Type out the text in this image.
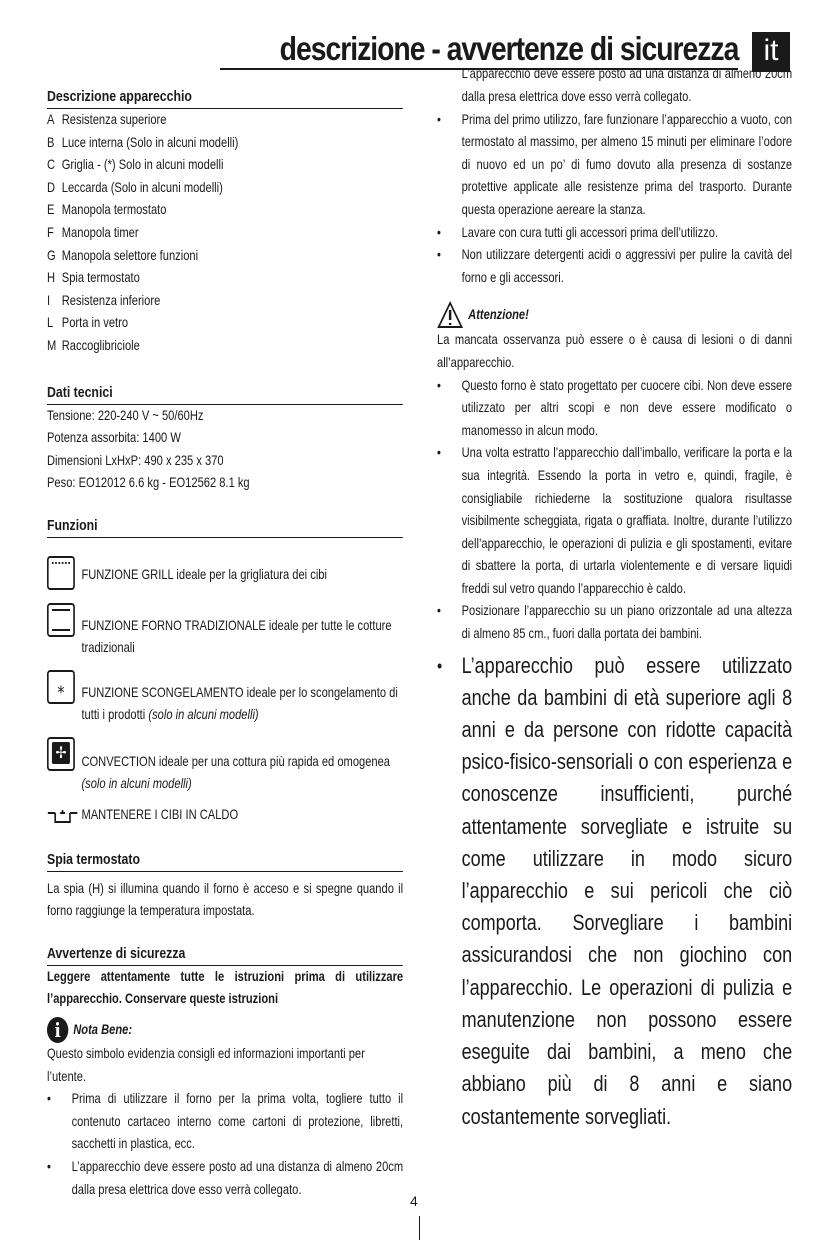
descrizione - avvertenze di sicurezza it
Descrizione apparecchio
A Resistenza superiore
B Luce interna (Solo in alcuni modelli)
C Griglia - (*) Solo in alcuni modelli
D Leccarda (Solo in alcuni modelli)
E Manopola termostato
F Manopola timer
G Manopola selettore funzioni
H Spia termostato
I Resistenza inferiore
L Porta in vetro
M Raccoglibriciole
Dati tecnici
Tensione: 220-240 V ~ 50/60Hz
Potenza assorbita: 1400 W
Dimensioni LxHxP: 490 x 235 x 370
Peso: EO12012 6.6 kg - EO12562 8.1 kg
Funzioni
FUNZIONE GRILL ideale per la grigliatura dei cibi
FUNZIONE FORNO TRADIZIONALE ideale per tutte le cotture tradizionali
⁎	FUNZIONE SCONGELAMENTO ideale per lo scongelamento di tutti i prodotti (solo in alcuni modelli)
✢ CONVECTION ideale per una cottura più rapida ed omogenea (solo in alcuni modelli)
MANTENERE I CIBI IN CALDO
Spia termostato
La spia (H) si illumina quando il forno è acceso e si spegne quando il forno raggiunge la temperatura impostata.
Avvertenze di sicurezza
Leggere attentamente tutte le istruzioni prima di utilizzare l’apparecchio. Conservare queste istruzioni
i Nota Bene:
Questo simbolo evidenzia consigli ed informazioni importanti per l’utente.
•	Prima di utilizzare il forno per la prima volta, togliere tutto il contenuto cartaceo interno come cartoni di protezione, libretti, sacchetti in plastica, ecc.
•	L’apparecchio deve essere posto ad una distanza di almeno 20cm dalla presa elettrica dove esso verrà collegato.
L’apparecchio deve essere posto ad una distanza di almeno 20cm dalla presa elettrica dove esso verrà collegato.
•	Prima del primo utilizzo, fare funzionare l’apparecchio a vuoto, con termostato al massimo, per almeno 15 minuti per eliminare l’odore di nuovo ed un po’ di fumo dovuto alla presenza di sostanze protettive applicate alle resistenze prima del trasporto. Durante questa operazione aereare la stanza.
•	Lavare con cura tutti gli accessori prima dell’utilizzo.
•	Non utilizzare detergenti acidi o aggressivi per pulire la cavità del forno e gli accessori.
Attenzione!
La mancata osservanza può essere o è causa di lesioni o di danni all’apparecchio.
•	Questo forno è stato progettato per cuocere cibi. Non deve essere utilizzato per altri scopi e non deve essere modificato o manomesso in alcun modo.
•	Una volta estratto l’apparecchio dall’imballo, verificare la porta e la sua integrità. Essendo la porta in vetro e, quindi, fragile, è consigliabile richiederne la sostituzione qualora risultasse visibilmente scheggiata, rigata o graffiata. Inoltre, durante l’utilizzo dell’apparecchio, le operazioni di pulizia e gli spostamenti, evitare di sbattere la porta, di urtarla violentemente e di versare liquidi freddi sul vetro quando l’apparecchio è caldo.
•	Posizionare l’apparecchio su un piano orizzontale ad una altezza di almeno 85 cm., fuori dalla portata dei bambini.
• L’apparecchio può essere utilizzato anche da bambini di età superiore agli 8 anni e da persone con ridotte capacità psico-fisico-sensoriali o con esperienza e conoscenze insufficienti, purché attentamente sorvegliate e istruite su come utilizzare in modo sicuro l’apparecchio e sui pericoli che ciò comporta. Sorvegliare i bambini assicurandosi che non giochino con l’apparecchio. Le operazioni di pulizia e manutenzione non possono essere eseguite dai bambini, a meno che abbiano più di 8 anni e siano costantemente sorvegliati.
4
